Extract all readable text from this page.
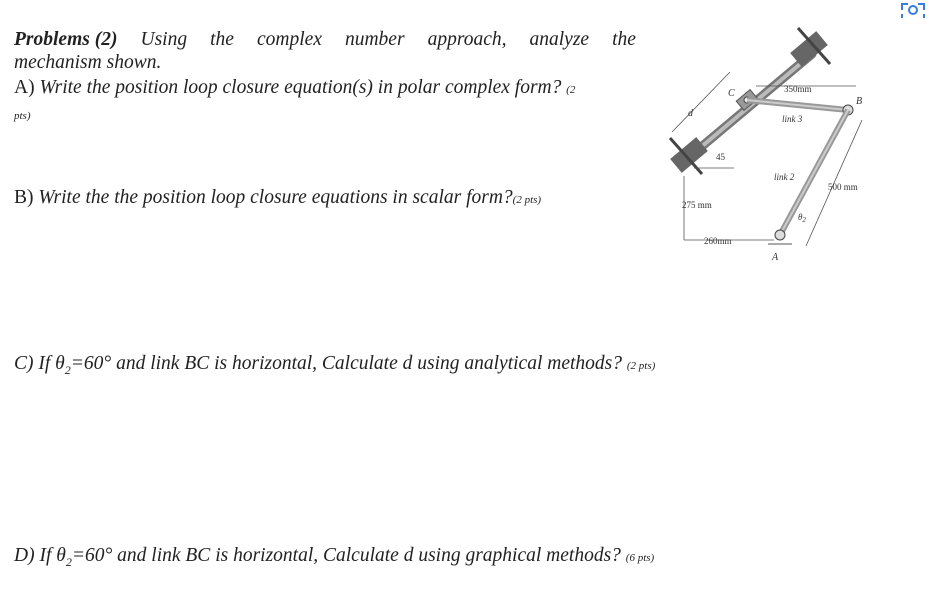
Problems (2) Using the complex number approach, analyze the
mechanism shown.
A) Write the position loop closure equation(s) in polar complex form? (2
pts)
B) Write the the position loop closure equations in scalar form?(2 pts)
C) If $\theta_2=60^\circ$ and link BC is horizontal, Calculate d using analytical methods? (2 pts)
D) If $\theta_2=60^\circ$ and link BC is horizontal, Calculate d using graphical methods? (6 pts)
d
45
C
B
350mm
link 3
link 2
A
$\theta_2$
500 mm
275 mm
260mm
